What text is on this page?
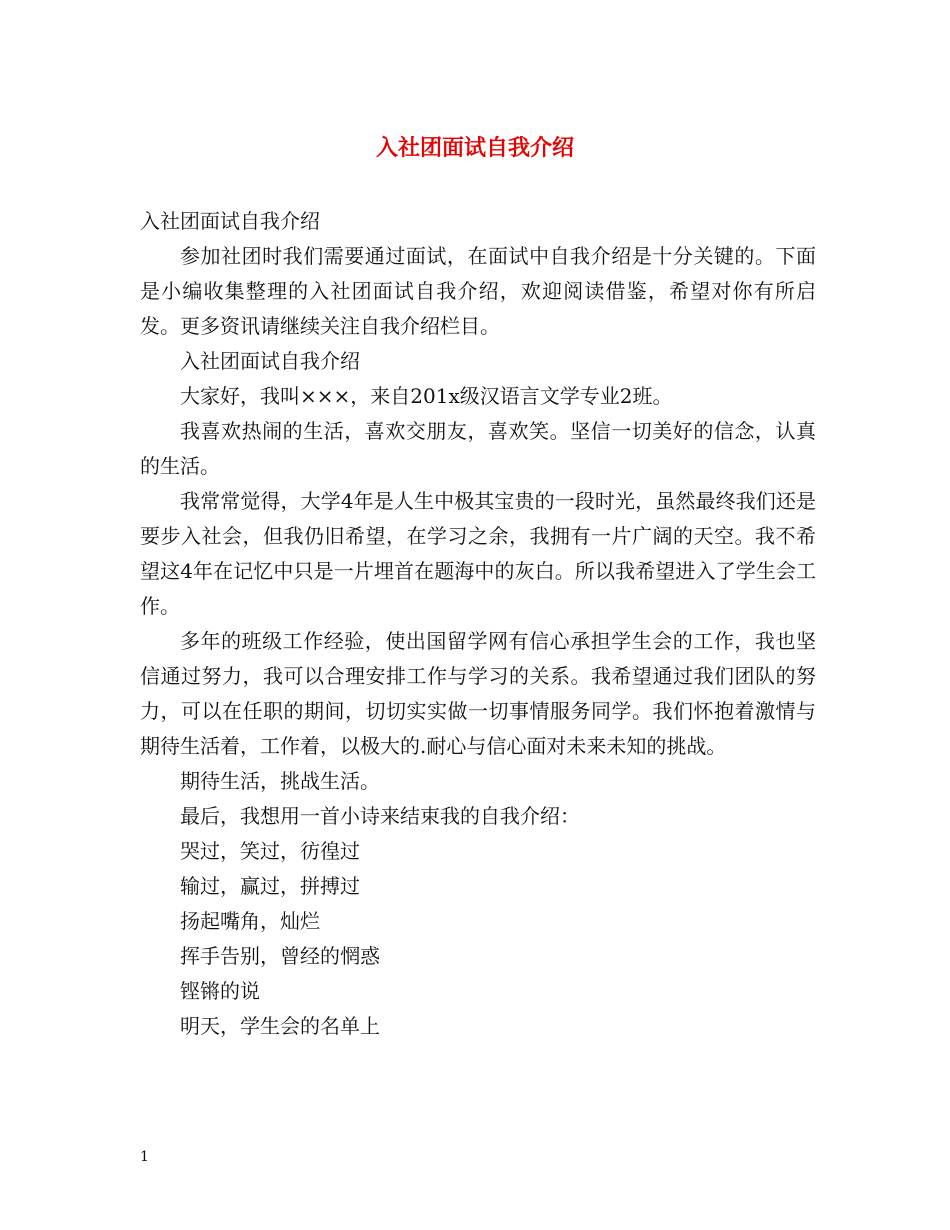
入社团面试自我介绍

入社团面试自我介绍

参加社团时我们需要通过面试，在面试中自我介绍是十分关键的。下面是小编收集整理的入社团面试自我介绍，欢迎阅读借鉴，希望对你有所启发。更多资讯请继续关注自我介绍栏目。

入社团面试自我介绍

大家好，我叫×××，来自201x级汉语言文学专业2班。

我喜欢热闹的生活，喜欢交朋友，喜欢笑。坚信一切美好的信念，认真的生活。

我常常觉得，大学4年是人生中极其宝贵的一段时光，虽然最终我们还是要步入社会，但我仍旧希望，在学习之余，我拥有一片广阔的天空。我不希望这4年在记忆中只是一片埋首在题海中的灰白。所以我希望进入了学生会工作。

多年的班级工作经验，使出国留学网有信心承担学生会的工作，我也坚信通过努力，我可以合理安排工作与学习的关系。我希望通过我们团队的努力，可以在任职的期间，切切实实做一切事情服务同学。我们怀抱着激情与期待生活着，工作着，以极大的.耐心与信心面对未来未知的挑战。

期待生活，挑战生活。

最后，我想用一首小诗来结束我的自我介绍：

哭过，笑过，彷徨过

输过，赢过，拼搏过

扬起嘴角，灿烂

挥手告别，曾经的惘惑

铿锵的说

明天，学生会的名单上

1
